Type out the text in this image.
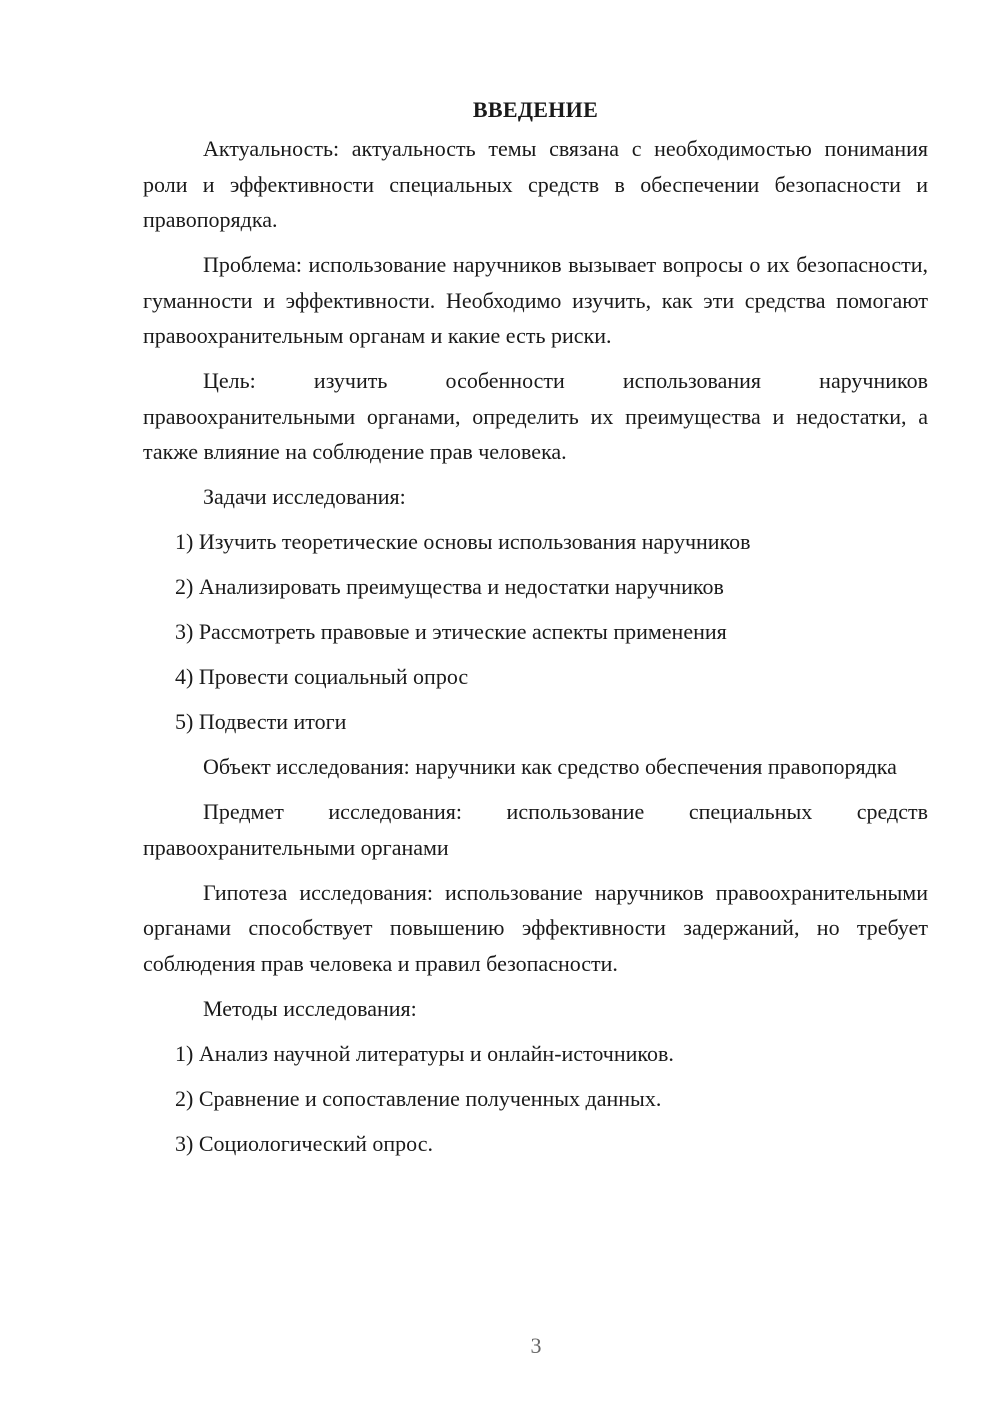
ВВЕДЕНИЕ

Актуальность: актуальность темы связана с необходимостью понимания роли и эффективности специальных средств в обеспечении безопасности и правопорядка.

Проблема: использование наручников вызывает вопросы о их безопасности, гуманности и эффективности. Необходимо изучить, как эти средства помогают правоохранительным органам и какие есть риски.

Цель: изучить особенности использования наручников правоохранительными органами, определить их преимущества и недостатки, а также влияние на соблюдение прав человека.

Задачи исследования:
1) Изучить теоретические основы использования наручников
2) Анализировать преимущества и недостатки наручников
3) Рассмотреть правовые и этические аспекты применения
4) Провести социальный опрос
5) Подвести итоги

Объект исследования: наручники как средство обеспечения правопорядка

Предмет исследования: использование специальных средств правоохранительными органами

Гипотеза исследования: использование наручников правоохранительными органами способствует повышению эффективности задержаний, но требует соблюдения прав человека и правил безопасности.

Методы исследования:
1) Анализ научной литературы и онлайн-источников.
2) Сравнение и сопоставление полученных данных.
3) Социологический опрос.
3
